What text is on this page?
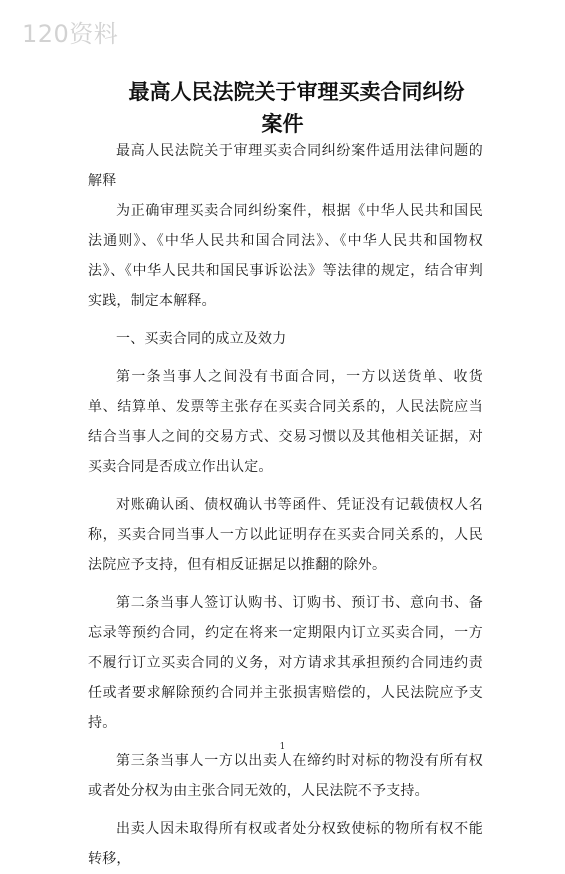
120资料
最高人民法院关于审理买卖合同纠纷
案件

最高人民法院关于审理买卖合同纠纷案件适用法律问题的解释

为正确审理买卖合同纠纷案件，根据《中华人民共和国民法通则》、《中华人民共和国合同法》、《中华人民共和国物权法》、《中华人民共和国民事诉讼法》等法律的规定，结合审判实践，制定本解释。

一、买卖合同的成立及效力

第一条当事人之间没有书面合同，一方以送货单、收货单、结算单、发票等主张存在买卖合同关系的，人民法院应当结合当事人之间的交易方式、交易习惯以及其他相关证据，对买卖合同是否成立作出认定。

对账确认函、债权确认书等函件、凭证没有记载债权人名称，买卖合同当事人一方以此证明存在买卖合同关系的，人民法院应予支持，但有相反证据足以推翻的除外。

第二条当事人签订认购书、订购书、预订书、意向书、备忘录等预约合同，约定在将来一定期限内订立买卖合同，一方不履行订立买卖合同的义务，对方请求其承担预约合同违约责任或者要求解除预约合同并主张损害赔偿的，人民法院应予支持。

第三条当事人一方以出卖人在缔约时对标的物没有所有权或者处分权为由主张合同无效的，人民法院不予支持。

出卖人因未取得所有权或者处分权致使标的物所有权不能转移，

1
